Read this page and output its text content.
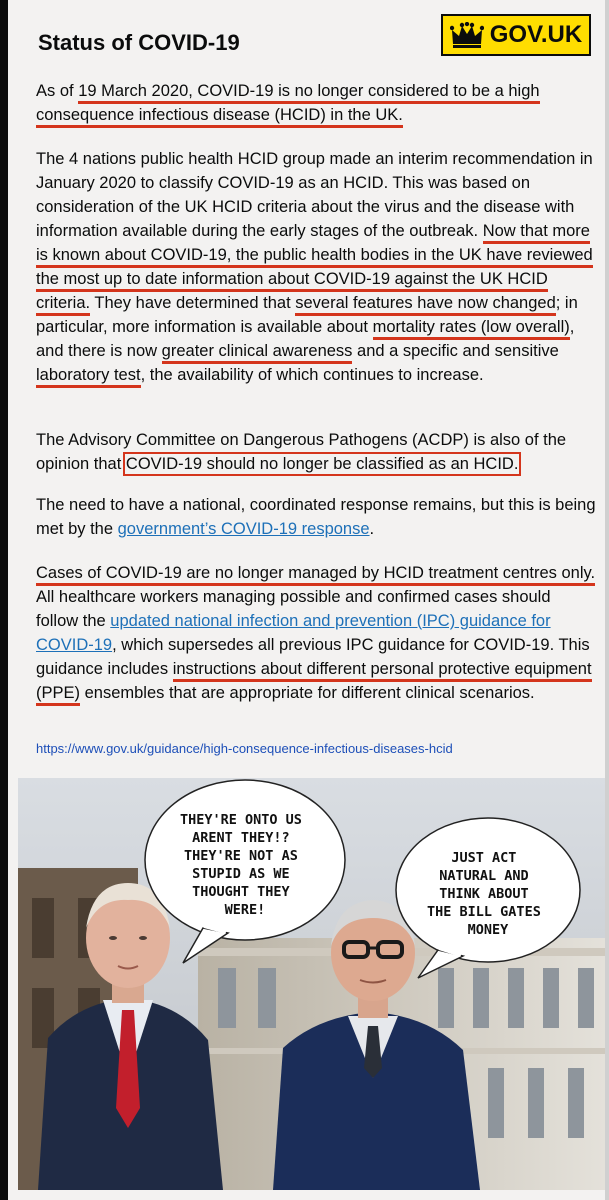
Status of COVID-19	GOV.UK

As of 19 March 2020, COVID-19 is no longer considered to be a high consequence infectious disease (HCID) in the UK.

The 4 nations public health HCID group made an interim recommendation in January 2020 to classify COVID-19 as an HCID. This was based on consideration of the UK HCID criteria about the virus and the disease with information available during the early stages of the outbreak. Now that more is known about COVID-19, the public health bodies in the UK have reviewed the most up to date information about COVID-19 against the UK HCID criteria. They have determined that several features have now changed; in particular, more information is available about mortality rates (low overall), and there is now greater clinical awareness and a specific and sensitive laboratory test, the availability of which continues to increase.

The Advisory Committee on Dangerous Pathogens (ACDP) is also of the opinion that COVID-19 should no longer be classified as an HCID.

The need to have a national, coordinated response remains, but this is being met by the government’s COVID-19 response.

Cases of COVID-19 are no longer managed by HCID treatment centres only. All healthcare workers managing possible and confirmed cases should follow the updated national infection and prevention (IPC) guidance for COVID-19, which supersedes all previous IPC guidance for COVID-19. This guidance includes instructions about different personal protective equipment (PPE) ensembles that are appropriate for different clinical scenarios.

https://www.gov.uk/guidance/high-consequence-infectious-diseases-hcid
THEY'RE ONTO US ARENT THEY!? THEY'RE NOT AS STUPID AS WE THOUGHT THEY WERE!
JUST ACT NATURAL AND THINK ABOUT THE BILL GATES MONEY
